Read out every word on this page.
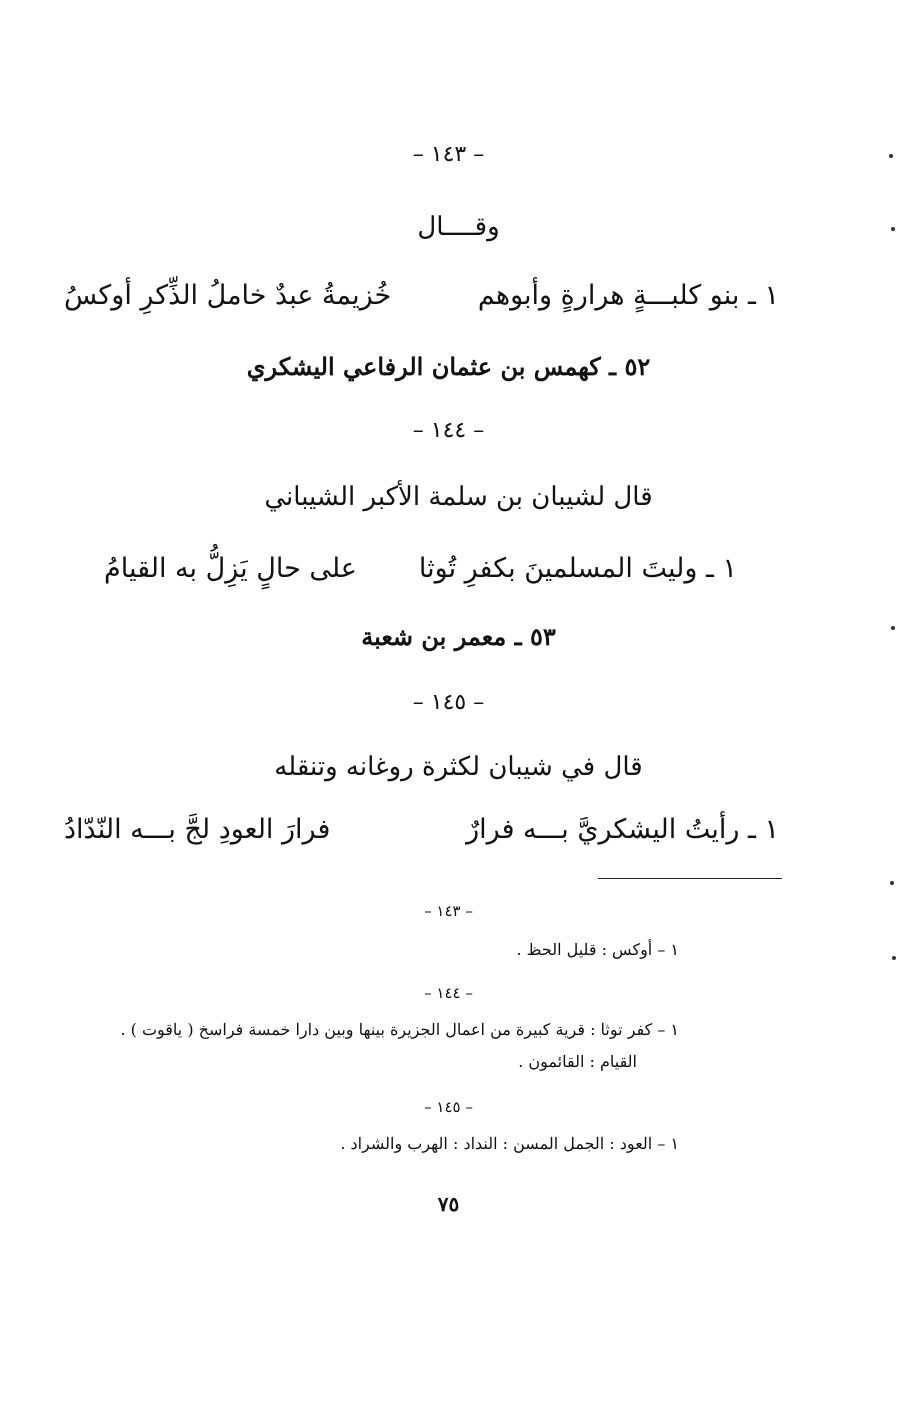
– ١٤٣ –
وقــــال
١ ـ بنو كلبـــةٍ هرارةٍ وأبوهم
خُزيمةُ عبدٌ خاملُ الذِّكرِ أوكسُ
٥٢ ـ كهمس بن عثمان الرفاعي اليشكري
– ١٤٤ –
قال لشيبان بن سلمة الأكبر الشيباني
١ ـ وليتَ المسلمينَ بكفرِ تُوثا
على حالٍ يَزِلُّ به القيامُ
٥٣ ـ معمر بن شعبة
– ١٤٥ –
قال في شيبان لكثرة روغانه وتنقله
١ ـ رأيتُ اليشكريَّ بـــه فرارٌ
فرارَ العودِ لجَّ بـــه النّدّادُ
– ١٤٣ –
١ – أوكس : قليل الحظ .
– ١٤٤ –
١ – كفر توثا : قرية كبيرة من اعمال الجزيرة بينها وبين دارا خمسة فراسخ ( ياقوت ) .
القيام : القائمون .
– ١٤٥ –
١ – العود : الجمل المسن : النداد : الهرب والشراد .
٧٥
